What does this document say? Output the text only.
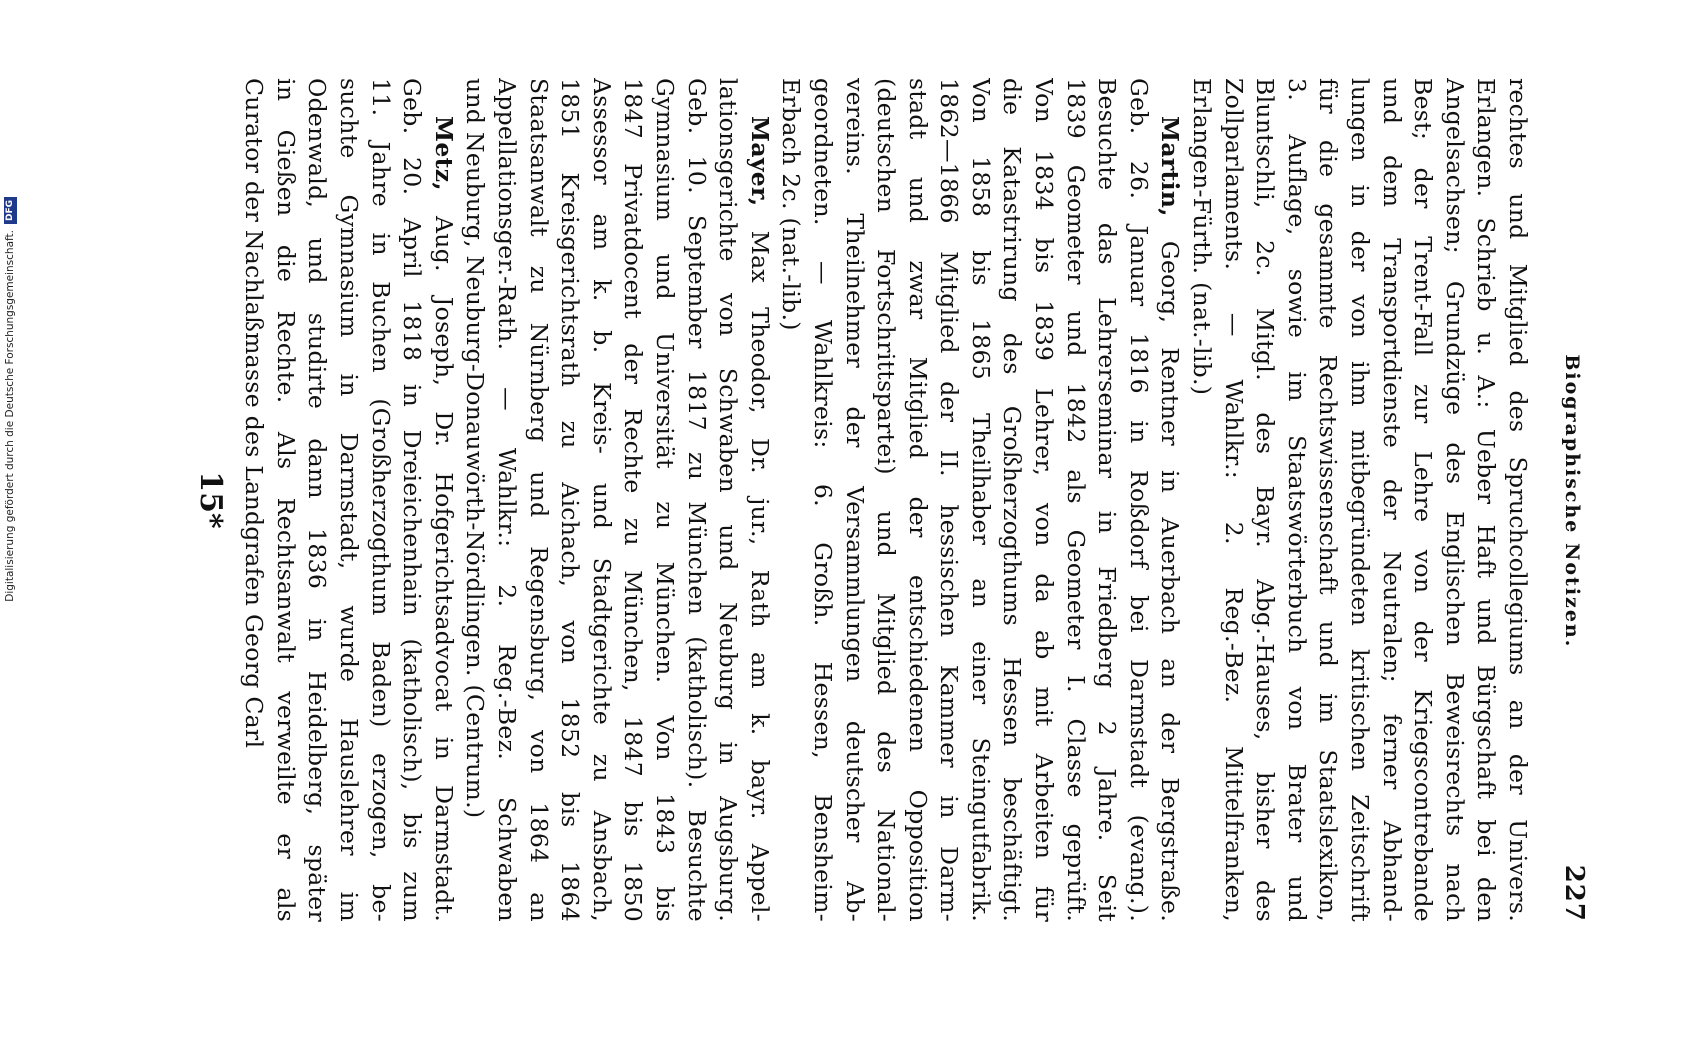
Biographische Notizen.
227
rechtes und Mitglied des Spruchcollegiums an der Univers.
Erlangen. Schrieb u. A.: Ueber Haft und Bürgschaft bei den
Angelsachsen; Grundzüge des Englischen Beweisrechts nach
Best; der Trent-Fall zur Lehre von der Kriegscontrebande
und dem Transportdienste der Neutralen; ferner Abhand-
lungen in der von ihm mitbegründeten kritischen Zeitschrift
für die gesammte Rechtswissenschaft und im Staatslexikon,
3. Auflage, sowie im Staatswörterbuch von Brater und
Bluntschli, 2c. Mitgl. des Bayr. Abg.-Hauses, bisher des
Zollparlaments. — Wahlkr.: 2. Reg.-Bez. Mittelfranken,
Erlangen-Fürth. (nat.-lib.)
Martin, Georg, Rentner in Auerbach an der Bergstraße.
Geb. 26. Januar 1816 in Roßdorf bei Darmstadt (evang.).
Besuchte das Lehrerseminar in Friedberg 2 Jahre. Seit
1839 Geometer und 1842 als Geometer I. Classe geprüft.
Von 1834 bis 1839 Lehrer, von da ab mit Arbeiten für
die Katastrirung des Großherzogthums Hessen beschäftigt.
Von 1858 bis 1865 Theilhaber an einer Steingutfabrik.
1862—1866 Mitglied der II. hessischen Kammer in Darm-
stadt und zwar Mitglied der entschiedenen Opposition
(deutschen Fortschrittspartei) und Mitglied des National-
vereins. Theilnehmer der Versammlungen deutscher Ab-
geordneten. — Wahlkreis: 6. Großh. Hessen, Bensheim-
Erbach 2c. (nat.-lib.)
Mayer, Max Theodor, Dr. jur., Rath am k. bayr. Appel-
lationsgerichte von Schwaben und Neuburg in Augsburg.
Geb. 10. September 1817 zu München (katholisch). Besuchte
Gymnasium und Universität zu München. Von 1843 bis
1847 Privatdocent der Rechte zu München, 1847 bis 1850
Assessor am k. b. Kreis- und Stadtgerichte zu Ansbach,
1851 Kreisgerichtsrath zu Aichach, von 1852 bis 1864
Staatsanwalt zu Nürnberg und Regensburg, von 1864 an
Appellationsger.-Rath. — Wahlkr.: 2. Reg.-Bez. Schwaben
und Neuburg, Neuburg-Donauwörth-Nördlingen. (Centrum.)
Metz, Aug. Joseph, Dr. Hofgerichtsadvocat in Darmstadt.
Geb. 20. April 1818 in Dreieichenhain (katholisch), bis zum
11. Jahre in Buchen (Großherzogthum Baden) erzogen, be-
suchte Gymnasium in Darmstadt, wurde Hauslehrer im
Odenwald, und studirte dann 1836 in Heidelberg, später
in Gießen die Rechte. Als Rechtsanwalt verweilte er als
Curator der Nachlaßmasse des Landgrafen Georg Carl
15*
Digitalisierung gefördert durch die Deutsche Forschungsgemeinschaft.
DFG
